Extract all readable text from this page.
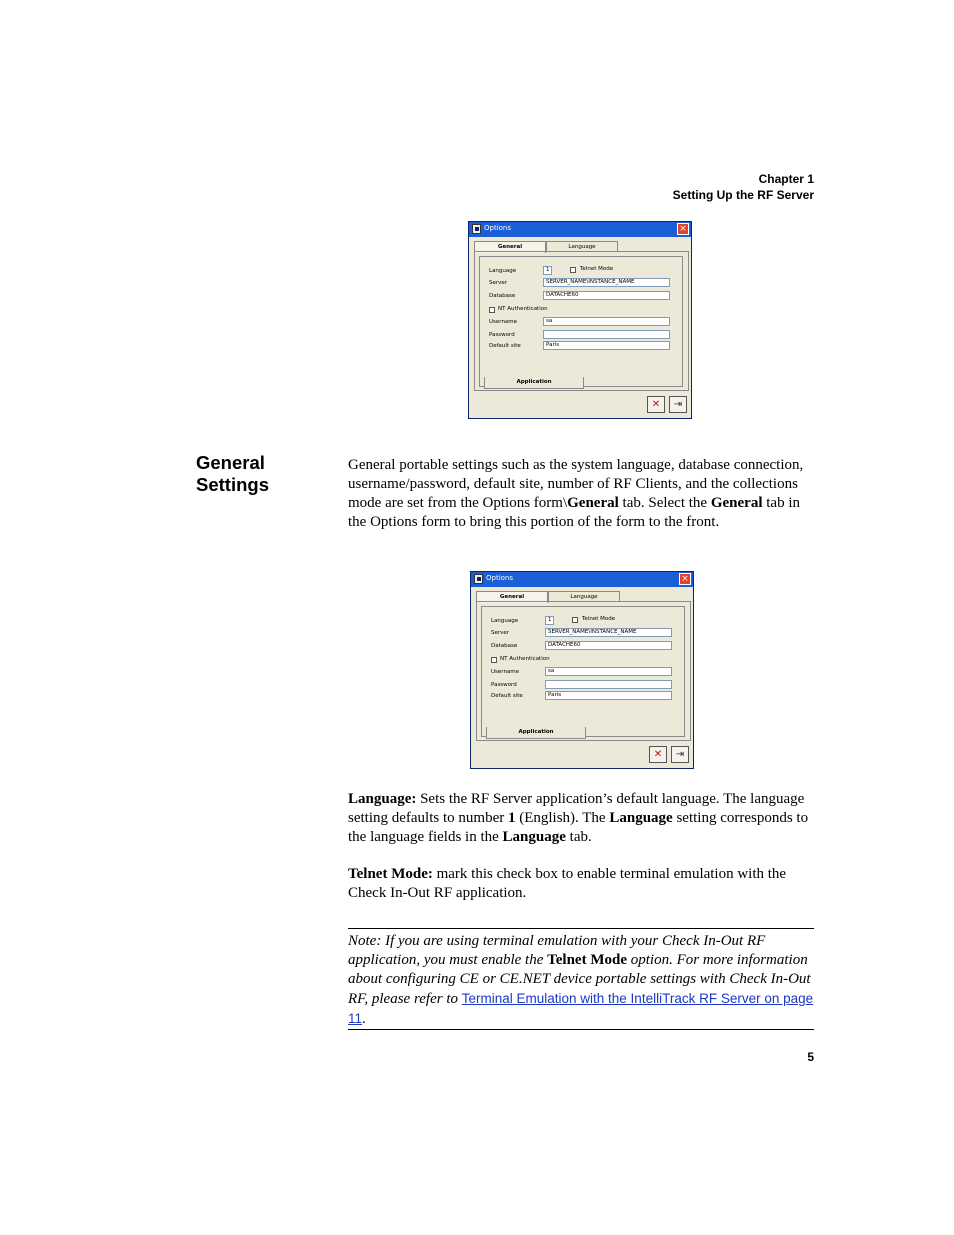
Chapter 1
Setting Up the RF Server
Options	×
General	Language
Language	1	Telnet Mode
Server	SERVER_NAME\INSTANCE_NAME
Database	DATACHE60
NT Authentication
Username	sa
Password
Default site	Paris
Application
✕	⇥
General
Settings
General portable settings such as the system language, database connection, username/password, default site, number of RF Clients, and the collections mode are set from the Options form\General tab. Select the General tab in the Options form to bring this portion of the form to the front.
Options	×
General	Language
Language	1	Telnet Mode
Server	SERVER_NAME\INSTANCE_NAME
Database	DATACHE60
NT Authentication
Username	sa
Password
Default site	Paris
Application
✕	⇥
Language: Sets the RF Server application’s default language. The language setting defaults to number 1 (English). The Language setting corresponds to the language fields in the Language tab.
Telnet Mode: mark this check box to enable terminal emulation with the Check In-Out RF application.
Note: If you are using terminal emulation with your Check In-Out RF application, you must enable the Telnet Mode option. For more information about configuring CE or CE.NET device portable settings with Check In-Out RF, please refer to Terminal Emulation with the IntelliTrack RF Server on page 11.
5
